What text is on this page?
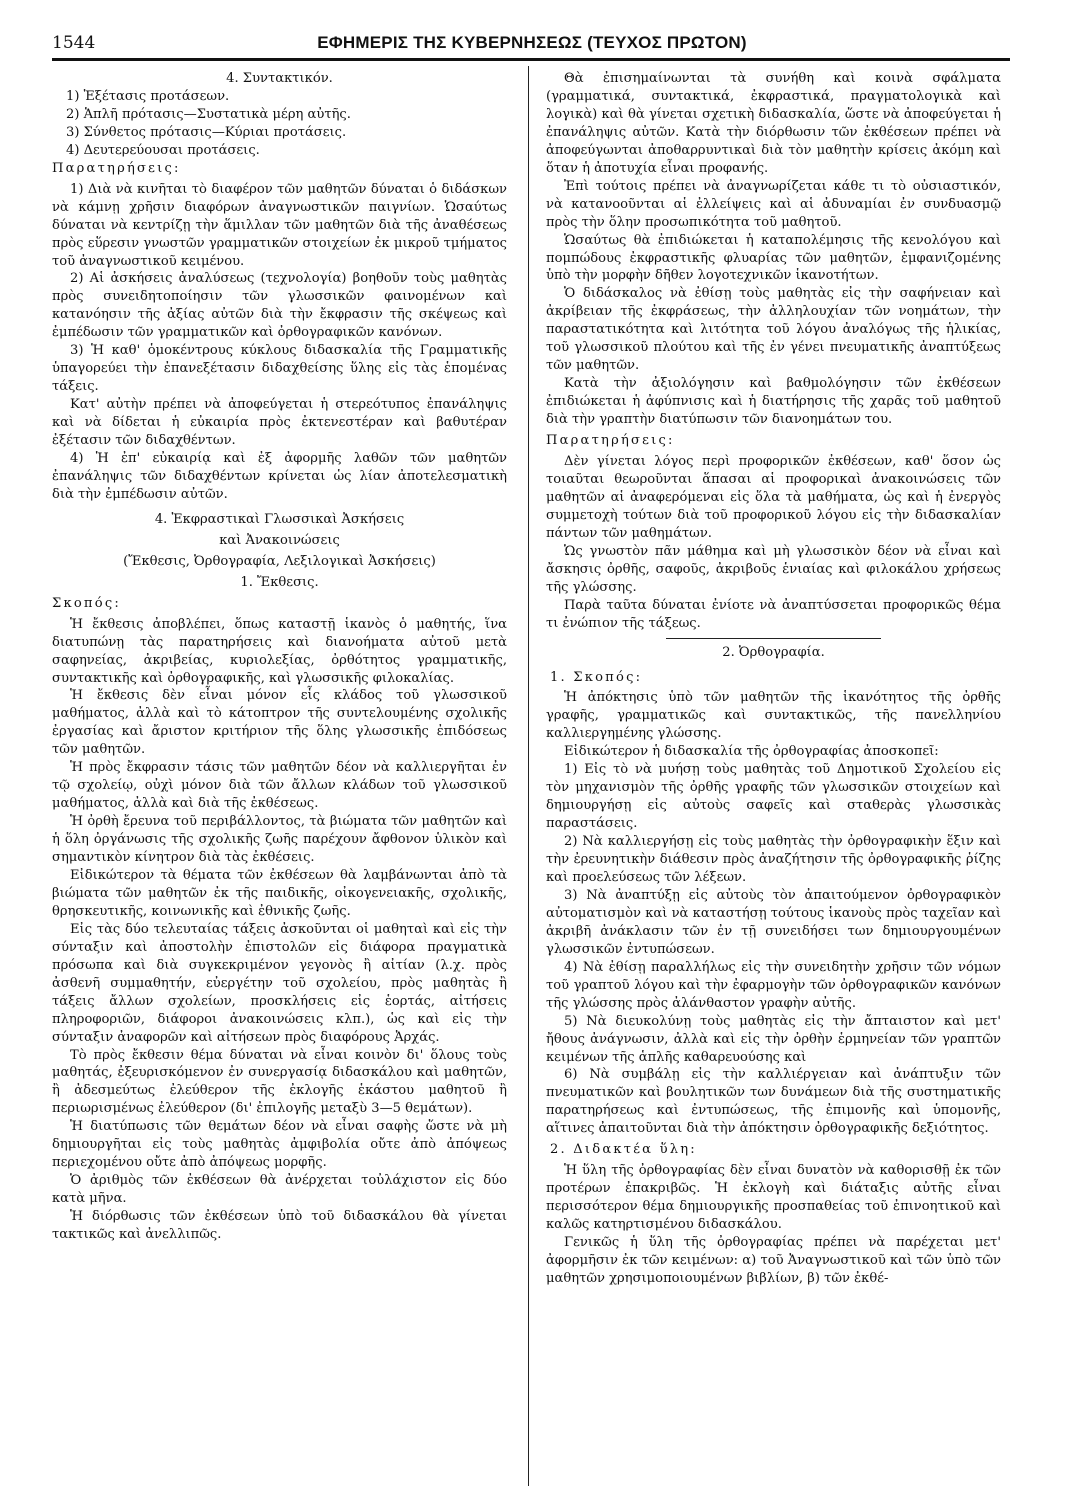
1544	ΕΦΗΜΕΡΙΣ ΤΗΣ ΚΥΒΕΡΝΗΣΕΩΣ (ΤΕΥΧΟΣ ΠΡΩΤΟΝ)

4. Συντακτικόν.

1) Ἐξέτασις προτάσεων.

2) Ἁπλῆ πρότασις—Συστατικὰ μέρη αὐτῆς.

3) Σύνθετος πρότασις—Κύριαι προτάσεις.

4) Δευτερεύουσαι προτάσεις.

Παρατηρήσεις:

1) Διὰ νὰ κινῆται τὸ διαφέρον τῶν μαθητῶν δύναται ὁ διδάσκων νὰ κάμνῃ χρῆσιν διαφόρων ἀναγνωστικῶν παιγνίων. Ὡσαύτως δύναται νὰ κεντρίζῃ τὴν ἅμιλλαν τῶν μαθητῶν διὰ τῆς ἀναθέσεως πρὸς εὕρεσιν γνωστῶν γραμματικῶν στοιχείων ἐκ μικροῦ τμήματος τοῦ ἀναγνωστικοῦ κειμένου.

2) Αἱ ἀσκήσεις ἀναλύσεως (τεχνολογία) βοηθοῦν τοὺς μαθητὰς πρὸς συνειδητοποίησιν τῶν γλωσσικῶν φαινομένων καὶ κατανόησιν τῆς ἀξίας αὐτῶν διὰ τὴν ἔκφρασιν τῆς σκέψεως καὶ ἐμπέδωσιν τῶν γραμματικῶν καὶ ὀρθογραφικῶν κανόνων.

3) Ἡ καθ' ὁμοκέντρους κύκλους διδασκαλία τῆς Γραμματικῆς ὑπαγορεύει τὴν ἐπανεξέτασιν διδαχθείσης ὕλης εἰς τὰς ἑπομένας τάξεις.

Κατ' αὐτὴν πρέπει νὰ ἀποφεύγεται ἡ στερεότυπος ἐπανάληψις καὶ νὰ δίδεται ἡ εὐκαιρία πρὸς ἐκτενεστέραν καὶ βαθυτέραν ἐξέτασιν τῶν διδαχθέντων.

4) Ἡ ἐπ' εὐκαιρίᾳ καὶ ἐξ ἀφορμῆς λαθῶν τῶν μαθητῶν ἐπανάληψις τῶν διδαχθέντων κρίνεται ὡς λίαν ἀποτελεσματικὴ διὰ τὴν ἐμπέδωσιν αὐτῶν.

4. Ἐκφραστικαὶ Γλωσσικαὶ Ἀσκήσεις

καὶ Ἀνακοινώσεις

(Ἔκθεσις, Ὀρθογραφία, Λεξιλογικαὶ Ἀσκήσεις)

1. Ἔκθεσις.

Σκοπός:

Ἡ ἔκθεσις ἀποβλέπει, ὅπως καταστῇ ἱκανὸς ὁ μαθητής, ἵνα διατυπώνῃ τὰς παρατηρήσεις καὶ διανοήματα αὐτοῦ μετὰ σαφηνείας, ἀκριβείας, κυριολεξίας, ὀρθότητος γραμματικῆς, συντακτικῆς καὶ ὀρθογραφικῆς, καὶ γλωσσικῆς φιλοκαλίας.

Ἡ ἔκθεσις δὲν εἶναι μόνον εἷς κλάδος τοῦ γλωσσικοῦ μαθήματος, ἀλλὰ καὶ τὸ κάτοπτρον τῆς συντελουμένης σχολικῆς ἐργασίας καὶ ἄριστον κριτήριον τῆς ὅλης γλωσσικῆς ἐπιδόσεως τῶν μαθητῶν.

Ἡ πρὸς ἔκφρασιν τάσις τῶν μαθητῶν δέον νὰ καλλιεργῆται ἐν τῷ σχολείῳ, οὐχὶ μόνον διὰ τῶν ἄλλων κλάδων τοῦ γλωσσικοῦ μαθήματος, ἀλλὰ καὶ διὰ τῆς ἐκθέσεως.

Ἡ ὀρθὴ ἔρευνα τοῦ περιβάλλοντος, τὰ βιώματα τῶν μαθητῶν καὶ ἡ ὅλη ὀργάνωσις τῆς σχολικῆς ζωῆς παρέχουν ἄφθονον ὑλικὸν καὶ σημαντικὸν κίνητρον διὰ τὰς ἐκθέσεις.

Εἰδικώτερον τὰ θέματα τῶν ἐκθέσεων θὰ λαμβάνωνται ἀπὸ τὰ βιώματα τῶν μαθητῶν ἐκ τῆς παιδικῆς, οἰκογενειακῆς, σχολικῆς, θρησκευτικῆς, κοινωνικῆς καὶ ἐθνικῆς ζωῆς.

Εἰς τὰς δύο τελευταίας τάξεις ἀσκοῦνται οἱ μαθηταὶ καὶ εἰς τὴν σύνταξιν καὶ ἀποστολὴν ἐπιστολῶν εἰς διάφορα πραγματικὰ πρόσωπα καὶ διὰ συγκεκριμένον γεγονὸς ἢ αἰτίαν (λ.χ. πρὸς ἀσθενῆ συμμαθητήν, εὐεργέτην τοῦ σχολείου, πρὸς μαθητὰς ἢ τάξεις ἄλλων σχολείων, προσκλήσεις εἰς ἑορτάς, αἰτήσεις πληροφοριῶν, διάφοροι ἀνακοινώσεις κλπ.), ὡς καὶ εἰς τὴν σύνταξιν ἀναφορῶν καὶ αἰτήσεων πρὸς διαφόρους Ἀρχάς.

Τὸ πρὸς ἔκθεσιν θέμα δύναται νὰ εἶναι κοινὸν δι' ὅλους τοὺς μαθητάς, ἐξευρισκόμενον ἐν συνεργασίᾳ διδασκάλου καὶ μαθητῶν, ἢ ἀδεσμεύτως ἐλεύθερον τῆς ἐκλογῆς ἑκάστου μαθητοῦ ἢ περιωρισμένως ἐλεύθερον (δι' ἐπιλογῆς μεταξὺ 3—5 θεμάτων).

Ἡ διατύπωσις τῶν θεμάτων δέον νὰ εἶναι σαφὴς ὥστε νὰ μὴ δημιουργῆται εἰς τοὺς μαθητὰς ἀμφιβολία οὔτε ἀπὸ ἀπόψεως περιεχομένου οὔτε ἀπὸ ἀπόψεως μορφῆς.

Ὁ ἀριθμὸς τῶν ἐκθέσεων θὰ ἀνέρχεται τοὐλάχιστον εἰς δύο κατὰ μῆνα.

Ἡ διόρθωσις τῶν ἐκθέσεων ὑπὸ τοῦ διδασκάλου θὰ γίνεται τακτικῶς καὶ ἀνελλιπῶς.

Θὰ ἐπισημαίνωνται τὰ συνήθη καὶ κοινὰ σφάλματα (γραμματικά, συντακτικά, ἐκφραστικά, πραγματολογικὰ καὶ λογικὰ) καὶ θὰ γίνεται σχετικὴ διδασκαλία, ὥστε νὰ ἀποφεύγεται ἡ ἐπανάληψις αὐτῶν. Κατὰ τὴν διόρθωσιν τῶν ἐκθέσεων πρέπει νὰ ἀποφεύγωνται ἀποθαρρυντικαὶ διὰ τὸν μαθητὴν κρίσεις ἀκόμη καὶ ὅταν ἡ ἀποτυχία εἶναι προφανής.

Ἐπὶ τούτοις πρέπει νὰ ἀναγνωρίζεται κάθε τι τὸ οὐσιαστικόν, νὰ κατανοοῦνται αἱ ἐλλείψεις καὶ αἱ ἀδυναμίαι ἐν συνδυασμῷ πρὸς τὴν ὅλην προσωπικότητα τοῦ μαθητοῦ.

Ὡσαύτως θὰ ἐπιδιώκεται ἡ καταπολέμησις τῆς κενολόγου καὶ πομπώδους ἐκφραστικῆς φλυαρίας τῶν μαθητῶν, ἐμφανιζομένης ὑπὸ τὴν μορφὴν δῆθεν λογοτεχνικῶν ἱκανοτήτων.

Ὁ διδάσκαλος νὰ ἐθίσῃ τοὺς μαθητὰς εἰς τὴν σαφήνειαν καὶ ἀκρίβειαν τῆς ἐκφράσεως, τὴν ἀλληλουχίαν τῶν νοημάτων, τὴν παραστατικότητα καὶ λιτότητα τοῦ λόγου ἀναλόγως τῆς ἡλικίας, τοῦ γλωσσικοῦ πλούτου καὶ τῆς ἐν γένει πνευματικῆς ἀναπτύξεως τῶν μαθητῶν.

Κατὰ τὴν ἀξιολόγησιν καὶ βαθμολόγησιν τῶν ἐκθέσεων ἐπιδιώκεται ἡ ἀφύπνισις καὶ ἡ διατήρησις τῆς χαρᾶς τοῦ μαθητοῦ διὰ τὴν γραπτὴν διατύπωσιν τῶν διανοημάτων του.

Παρατηρήσεις:

Δὲν γίνεται λόγος περὶ προφορικῶν ἐκθέσεων, καθ' ὅσον ὡς τοιαῦται θεωροῦνται ἅπασαι αἱ προφορικαὶ ἀνακοινώσεις τῶν μαθητῶν αἱ ἀναφερόμεναι εἰς ὅλα τὰ μαθήματα, ὡς καὶ ἡ ἐνεργὸς συμμετοχὴ τούτων διὰ τοῦ προφορικοῦ λόγου εἰς τὴν διδασκαλίαν πάντων τῶν μαθημάτων.

Ὡς γνωστὸν πᾶν μάθημα καὶ μὴ γλωσσικὸν δέον νὰ εἶναι καὶ ἄσκησις ὀρθῆς, σαφοῦς, ἀκριβοῦς ἑνιαίας καὶ φιλοκάλου χρήσεως τῆς γλώσσης.

Παρὰ ταῦτα δύναται ἐνίοτε νὰ ἀναπτύσσεται προφορικῶς θέμα τι ἐνώπιον τῆς τάξεως.

2. Ὀρθογραφία.

1. Σκοπός:

Ἡ ἀπόκτησις ὑπὸ τῶν μαθητῶν τῆς ἱκανότητος τῆς ὀρθῆς γραφῆς, γραμματικῶς καὶ συντακτικῶς, τῆς πανελληνίου καλλιεργημένης γλώσσης.

Εἰδικώτερον ἡ διδασκαλία τῆς ὀρθογραφίας ἀποσκοπεῖ:

1) Εἰς τὸ νὰ μυήσῃ τοὺς μαθητὰς τοῦ Δημοτικοῦ Σχολείου εἰς τὸν μηχανισμὸν τῆς ὀρθῆς γραφῆς τῶν γλωσσικῶν στοιχείων καὶ δημιουργήσῃ εἰς αὐτοὺς σαφεῖς καὶ σταθερὰς γλωσσικὰς παραστάσεις.

2) Νὰ καλλιεργήσῃ εἰς τοὺς μαθητὰς τὴν ὀρθογραφικὴν ἕξιν καὶ τὴν ἐρευνητικὴν διάθεσιν πρὸς ἀναζήτησιν τῆς ὀρθογραφικῆς ῥίζης καὶ προελεύσεως τῶν λέξεων.

3) Νὰ ἀναπτύξῃ εἰς αὐτοὺς τὸν ἀπαιτούμενον ὀρθογραφικὸν αὐτοματισμὸν καὶ νὰ καταστήσῃ τούτους ἱκανοὺς πρὸς ταχεῖαν καὶ ἀκριβῆ ἀνάκλασιν τῶν ἐν τῇ συνειδήσει των δημιουργουμένων γλωσσικῶν ἐντυπώσεων.

4) Νὰ ἐθίσῃ παραλλήλως εἰς τὴν συνειδητὴν χρῆσιν τῶν νόμων τοῦ γραπτοῦ λόγου καὶ τὴν ἐφαρμογὴν τῶν ὀρθογραφικῶν κανόνων τῆς γλώσσης πρὸς ἀλάνθαστον γραφὴν αὐτῆς.

5) Νὰ διευκολύνῃ τοὺς μαθητὰς εἰς τὴν ἄπταιστον καὶ μετ' ἤθους ἀνάγνωσιν, ἀλλὰ καὶ εἰς τὴν ὀρθὴν ἑρμηνείαν τῶν γραπτῶν κειμένων τῆς ἁπλῆς καθαρευούσης καὶ

6) Νὰ συμβάλῃ εἰς τὴν καλλιέργειαν καὶ ἀνάπτυξιν τῶν πνευματικῶν καὶ βουλητικῶν των δυνάμεων διὰ τῆς συστηματικῆς παρατηρήσεως καὶ ἐντυπώσεως, τῆς ἐπιμονῆς καὶ ὑπομονῆς, αἵτινες ἀπαιτοῦνται διὰ τὴν ἀπόκτησιν ὀρθογραφικῆς δεξιότητος.

2. Διδακτέα ὕλη:

Ἡ ὕλη τῆς ὀρθογραφίας δὲν εἶναι δυνατὸν νὰ καθορισθῇ ἐκ τῶν προτέρων ἐπακριβῶς. Ἡ ἐκλογὴ καὶ διάταξις αὐτῆς εἶναι περισσότερον θέμα δημιουργικῆς προσπαθείας τοῦ ἐπινοητικοῦ καὶ καλῶς κατηρτισμένου διδασκάλου.

Γενικῶς ἡ ὕλη τῆς ὀρθογραφίας πρέπει νὰ παρέχεται μετ' ἀφορμῆσιν ἐκ τῶν κειμένων: α) τοῦ Ἀναγνωστικοῦ καὶ τῶν ὑπὸ τῶν μαθητῶν χρησιμοποιουμένων βιβλίων, β) τῶν ἐκθέ-
